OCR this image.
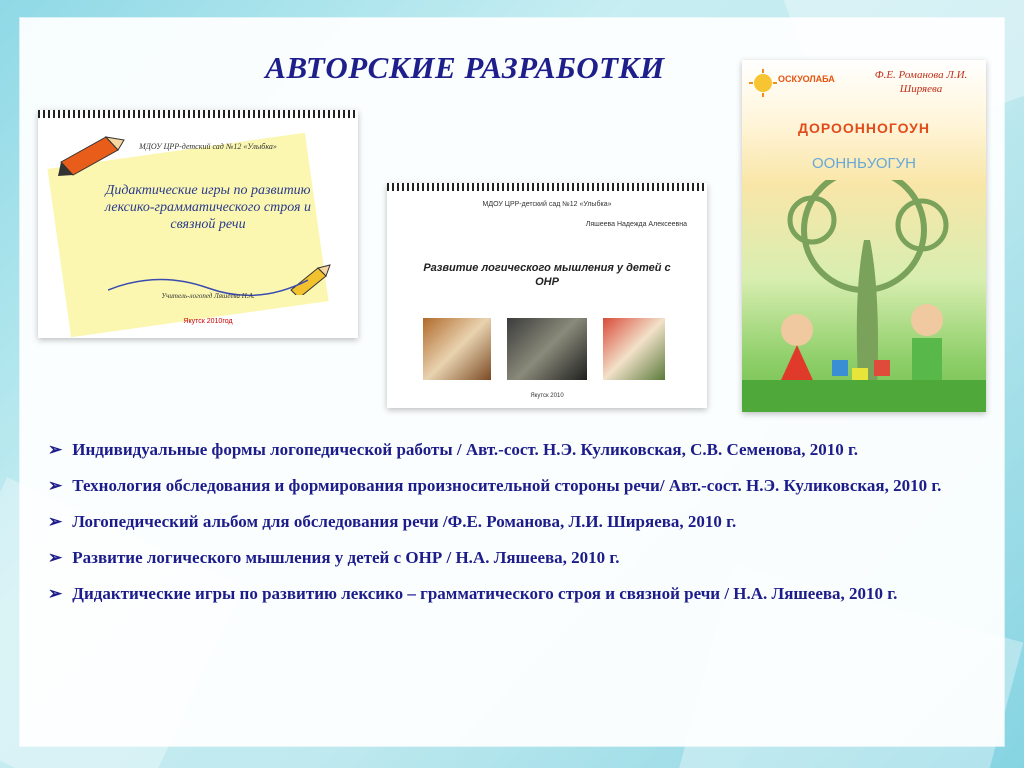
АВТОРСКИЕ РАЗРАБОТКИ
МДОУ ЦРР-детский сад №12 «Улыбка»
Дидактические игры по развитию лексико-грамматического строя и связной речи
Учитель-логопед Ляшеева Н.А.
Якутск 2010год
МДОУ ЦРР-детский сад №12 «Улыбка»
Ляшеева Надежда Алексеевна
Развитие логического мышления у детей с ОНР
Якутск 2010
ОСКУОЛАБА	Ф.Е. Романова Л.И. Ширяева
ДОРООННОГОУН
ООННЬУОГУН
➢ Индивидуальные формы логопедической работы / Авт.-сост. Н.Э. Куликовская, С.В. Семенова, 2010 г.
➢ Технология обследования и формирования произносительной стороны речи/ Авт.-сост. Н.Э. Куликовская, 2010 г.
➢ Логопедический альбом для обследования речи /Ф.Е. Романова, Л.И. Ширяева, 2010 г.
➢ Развитие логического мышления у детей с ОНР / Н.А. Ляшеева, 2010 г.
➢ Дидактические игры по развитию лексико – грамматического строя и связной речи / Н.А. Ляшеева, 2010 г.
